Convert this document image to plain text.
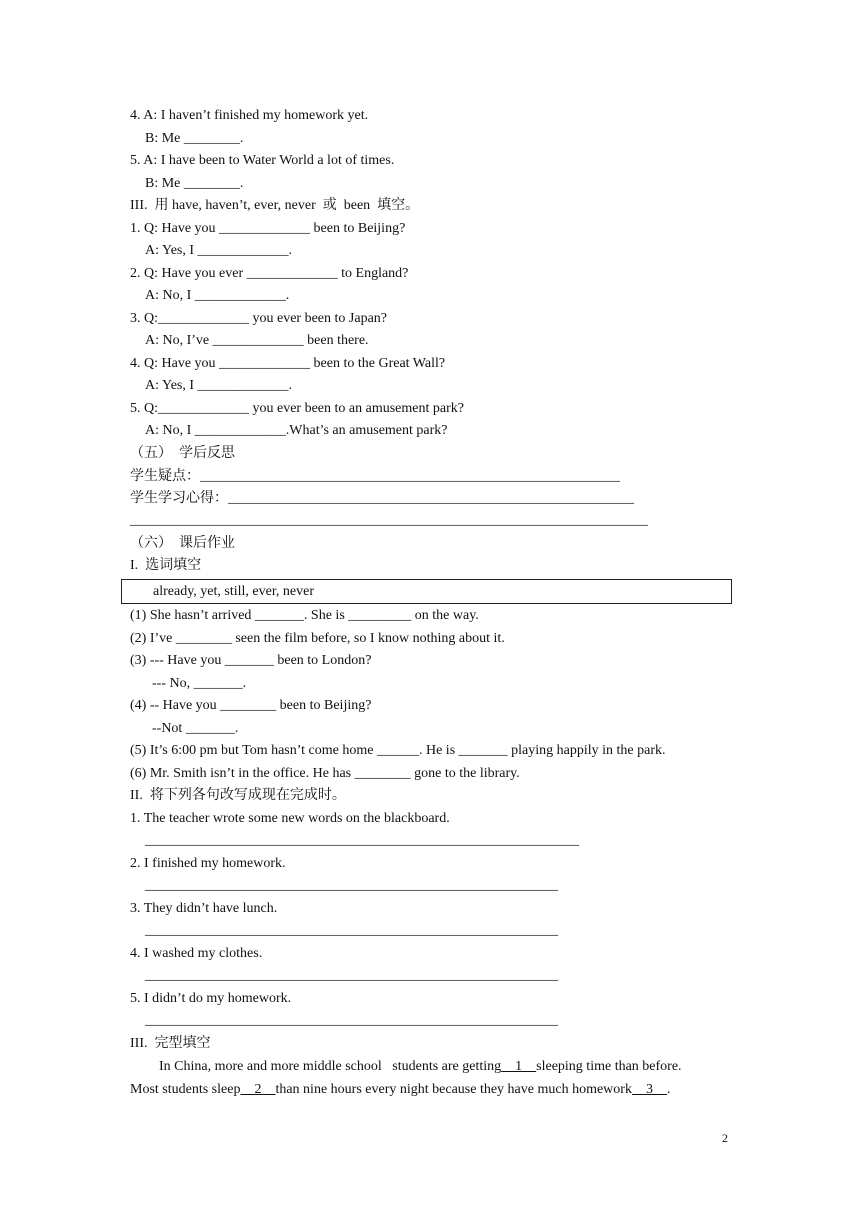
4. A: I haven’t finished my homework yet.
B: Me ________.
5. A: I have been to Water World a lot of times.
B: Me ________.
III.  用 have, haven’t, ever, never  或  been  填空。
1. Q: Have you _____________ been to Beijing?
A: Yes, I _____________.
2. Q: Have you ever _____________ to England?
A: No, I _____________.
3. Q:_____________ you ever been to Japan?
A: No, I’ve _____________ been there.
4. Q: Have you _____________ been to the Great Wall?
A: Yes, I _____________.
5. Q:_____________ you ever been to an amusement park?
A: No, I _____________.What’s an amusement park?
（五）  学后反思
学生疑点：____________________________________________________________
学生学习心得：__________________________________________________________
__________________________________________________________________________
（六）  课后作业
I.  选词填空
already, yet, still, ever, never
(1) She hasn’t arrived _______. She is _________ on the way.
(2) I’ve ________ seen the film before, so I know nothing about it.
(3) --- Have you _______ been to London?
--- No, _______.
(4) -- Have you ________ been to Beijing?
--Not _______.
(5) It’s 6:00 pm but Tom hasn’t come home ______. He is _______ playing happily in the park.
(6) Mr. Smith isn’t in the office. He has ________ gone to the library.
II.  将下列各句改写成现在完成时。
1. The teacher wrote some new words on the blackboard.
______________________________________________________________
2. I finished my homework.
___________________________________________________________
3. They didn’t have lunch.
___________________________________________________________
4. I washed my clothes.
___________________________________________________________
5. I didn’t do my homework.
___________________________________________________________
III.  完型填空
In China, more and more middle school   students are getting    1    sleeping time than before.
Most students sleep    2    than nine hours every night because they have much homework    3    .
2
